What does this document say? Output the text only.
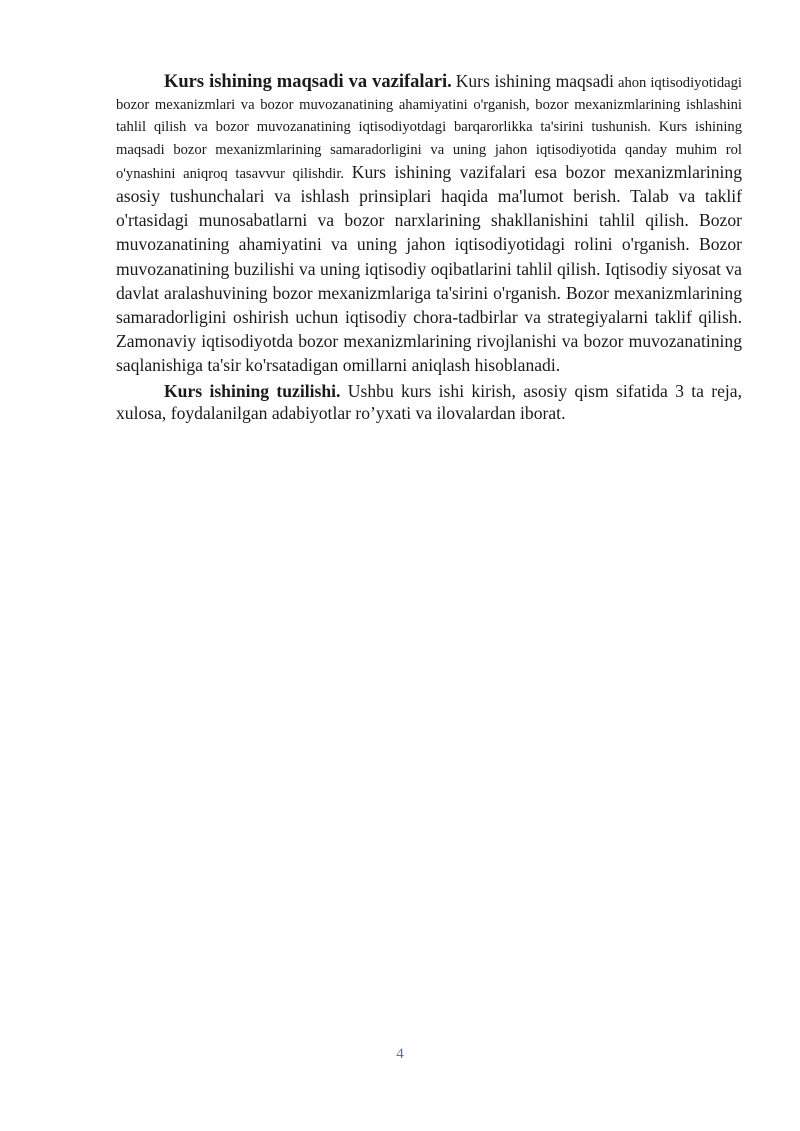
Kurs ishining maqsadi va vazifalari. Kurs ishining maqsadi ahon iqtisodiyotidagi bozor mexanizmlari va bozor muvozanatining ahamiyatini o'rganish, bozor mexanizmlarining ishlashini tahlil qilish va bozor muvozanatining iqtisodiyotdagi barqarorlikka ta'sirini tushunish. Kurs ishining maqsadi bozor mexanizmlarining samaradorligini va uning jahon iqtisodiyotida qanday muhim rol o'ynashini aniqroq tasavvur qilishdir. Kurs ishining vazifalari esa bozor mexanizmlarining asosiy tushunchalari va ishlash prinsiplari haqida ma'lumot berish. Talab va taklif o'rtasidagi munosabatlarni va bozor narxlarining shakllanishini tahlil qilish. Bozor muvozanatining ahamiyatini va uning jahon iqtisodiyotidagi rolini o'rganish. Bozor muvozanatining buzilishi va uning iqtisodiy oqibatlarini tahlil qilish. Iqtisodiy siyosat va davlat aralashuvining bozor mexanizmlariga ta'sirini o'rganish. Bozor mexanizmlarining samaradorligini oshirish uchun iqtisodiy chora-tadbirlar va strategiyalarni taklif qilish. Zamonaviy iqtisodiyotda bozor mexanizmlarining rivojlanishi va bozor muvozanatining saqlanishiga ta'sir ko'rsatadigan omillarni aniqlash hisoblanadi.

Kurs ishining tuzilishi. Ushbu kurs ishi kirish, asosiy qism sifatida 3 ta reja, xulosa, foydalanilgan adabiyotlar ro’yxati va ilovalardan iborat.

4
